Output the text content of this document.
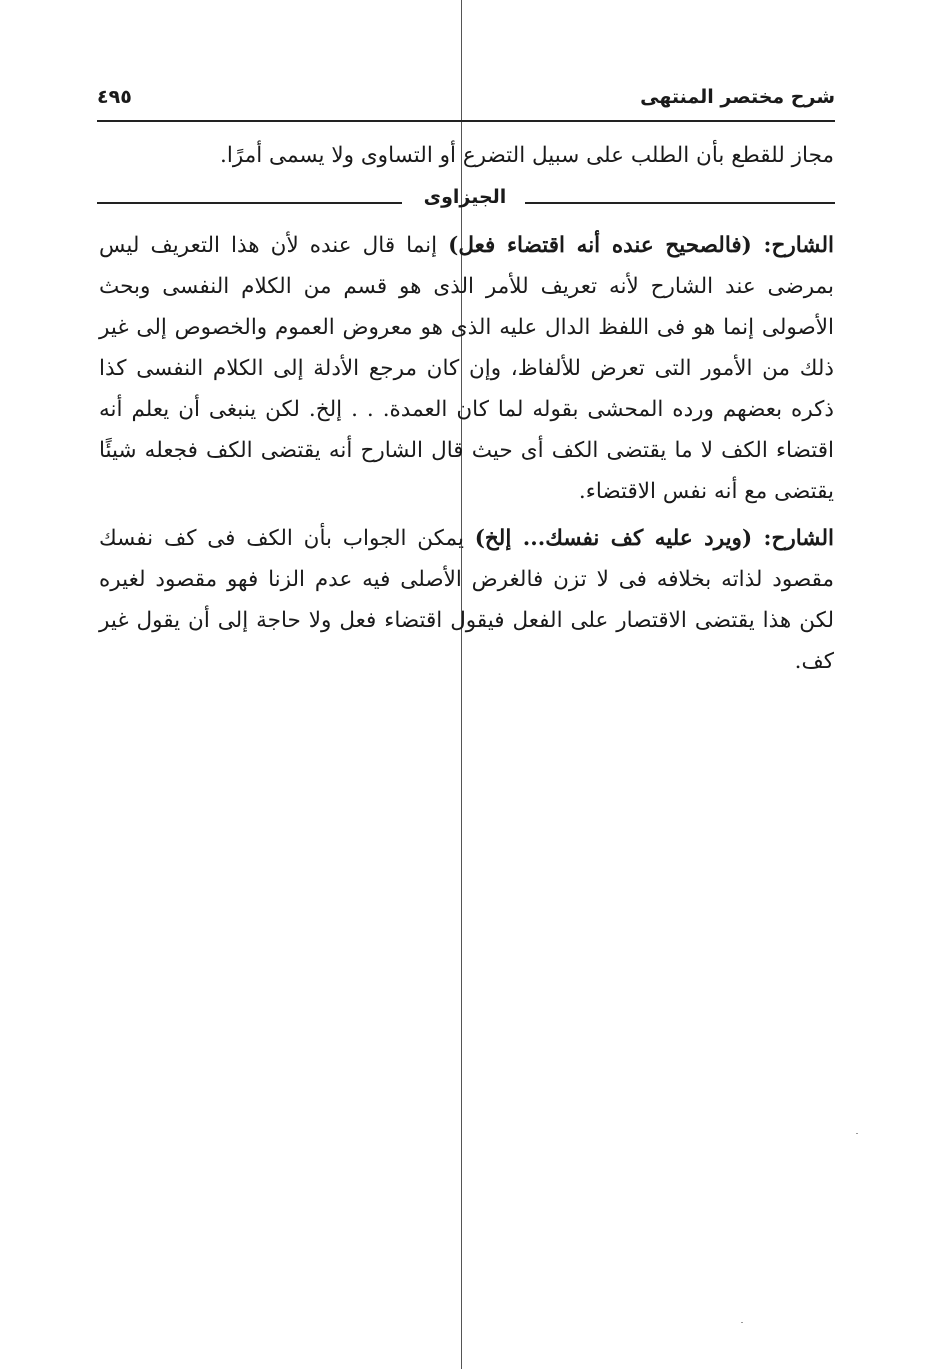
شرح مختصر المنتهى
٤٩٥
مجاز للقطع بأن الطلب على سبيل التضرع أو التساوى ولا يسمى أمرًا.
الجيزاوى

الشارح: (فالصحيح عنده أنه اقتضاء فعل) إنما قال عنده لأن هذا التعريف ليس بمرضى عند الشارح لأنه تعريف للأمر الذى هو قسم من الكلام النفسى وبحث الأصولى إنما هو فى اللفظ الدال عليه الذى هو معروض العموم والخصوص إلى غير ذلك من الأمور التى تعرض للألفاظ، وإن كان مرجع الأدلة إلى الكلام النفسى كذا ذكره بعضهم ورده المحشى بقوله لما كان العمدة. . . إلخ. لكن ينبغى أن يعلم أنه اقتضاء الكف لا ما يقتضى الكف أى حيث قال الشارح أنه يقتضى الكف فجعله شيئًا يقتضى مع أنه نفس الاقتضاء.

الشارح: (ويرد عليه كف نفسك... إلخ) يمكن الجواب بأن الكف فى كف نفسك مقصود لذاته بخلافه فى لا تزن فالغرض الأصلى فيه عدم الزنا فهو مقصود لغيره لكن هذا يقتضى الاقتصار على الفعل فيقول اقتضاء فعل ولا حاجة إلى أن يقول غير كف.
